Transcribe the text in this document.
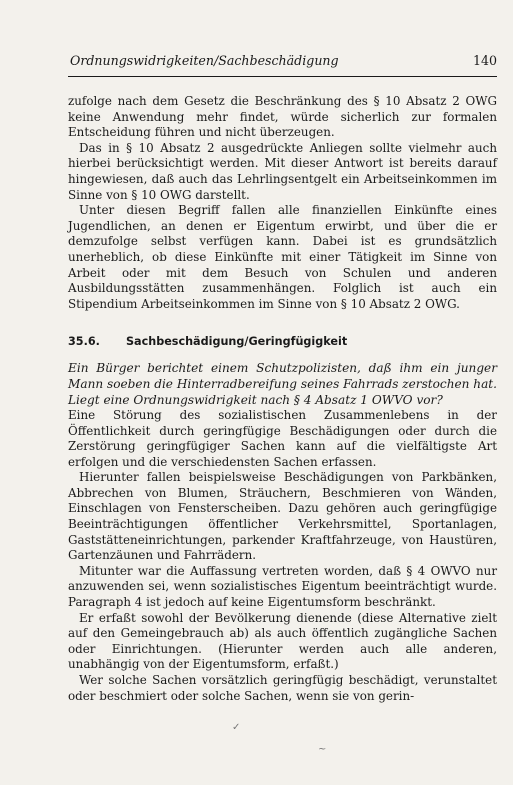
Ordnungswidrigkeiten/Sachbeschädigung	140

zufolge nach dem Gesetz die Beschränkung des § 10 Absatz 2 OWG keine Anwendung mehr findet, würde sicherlich zur formalen Entscheidung führen und nicht überzeugen.

Das in § 10 Absatz 2 ausgedrückte Anliegen sollte vielmehr auch hierbei berücksichtigt werden. Mit dieser Antwort ist bereits darauf hingewiesen, daß auch das Lehrlingsentgelt ein Arbeitseinkommen im Sinne von § 10 OWG darstellt.

Unter diesen Begriff fallen alle finanziellen Einkünfte eines Jugendlichen, an denen er Eigentum erwirbt, und über die er demzufolge selbst verfügen kann. Dabei ist es grundsätzlich unerheblich, ob diese Einkünfte mit einer Tätigkeit im Sinne von Arbeit oder mit dem Besuch von Schulen und anderen Ausbildungsstätten zusammenhängen. Folglich ist auch ein Stipendium Arbeitseinkommen im Sinne von § 10 Absatz 2 OWG.

35.6.	Sachbeschädigung/Geringfügigkeit

Ein Bürger berichtet einem Schutzpolizisten, daß ihm ein junger Mann soeben die Hinterradbereifung seines Fahrrads zerstochen hat. Liegt eine Ordnungswidrigkeit nach § 4 Absatz 1 OWVO vor?

Eine Störung des sozialistischen Zusammenlebens in der Öffentlichkeit durch geringfügige Beschädigungen oder durch die Zerstörung geringfügiger Sachen kann auf die vielfältigste Art erfolgen und die verschiedensten Sachen erfassen.

Hierunter fallen beispielsweise Beschädigungen von Parkbänken, Abbrechen von Blumen, Sträuchern, Beschmieren von Wänden, Einschlagen von Fensterscheiben. Dazu gehören auch geringfügige Beeinträchtigungen öffentlicher Verkehrsmittel, Sportanlagen, Gaststätteneinrichtungen, parkender Kraftfahrzeuge, von Haustüren, Gartenzäunen und Fahrrädern.

Mitunter war die Auffassung vertreten worden, daß § 4 OWVO nur anzuwenden sei, wenn sozialistisches Eigentum beeinträchtigt wurde. Paragraph 4 ist jedoch auf keine Eigentumsform beschränkt.

Er erfaßt sowohl der Bevölkerung dienende (diese Alternative zielt auf den Gemeingebrauch ab) als auch öffentlich zugängliche Sachen oder Einrichtungen. (Hierunter werden auch alle anderen, unabhängig von der Eigentumsform, erfaßt.)

Wer solche Sachen vorsätzlich geringfügig beschädigt, verunstaltet oder beschmiert oder solche Sachen, wenn sie von gerin-

✓
~
